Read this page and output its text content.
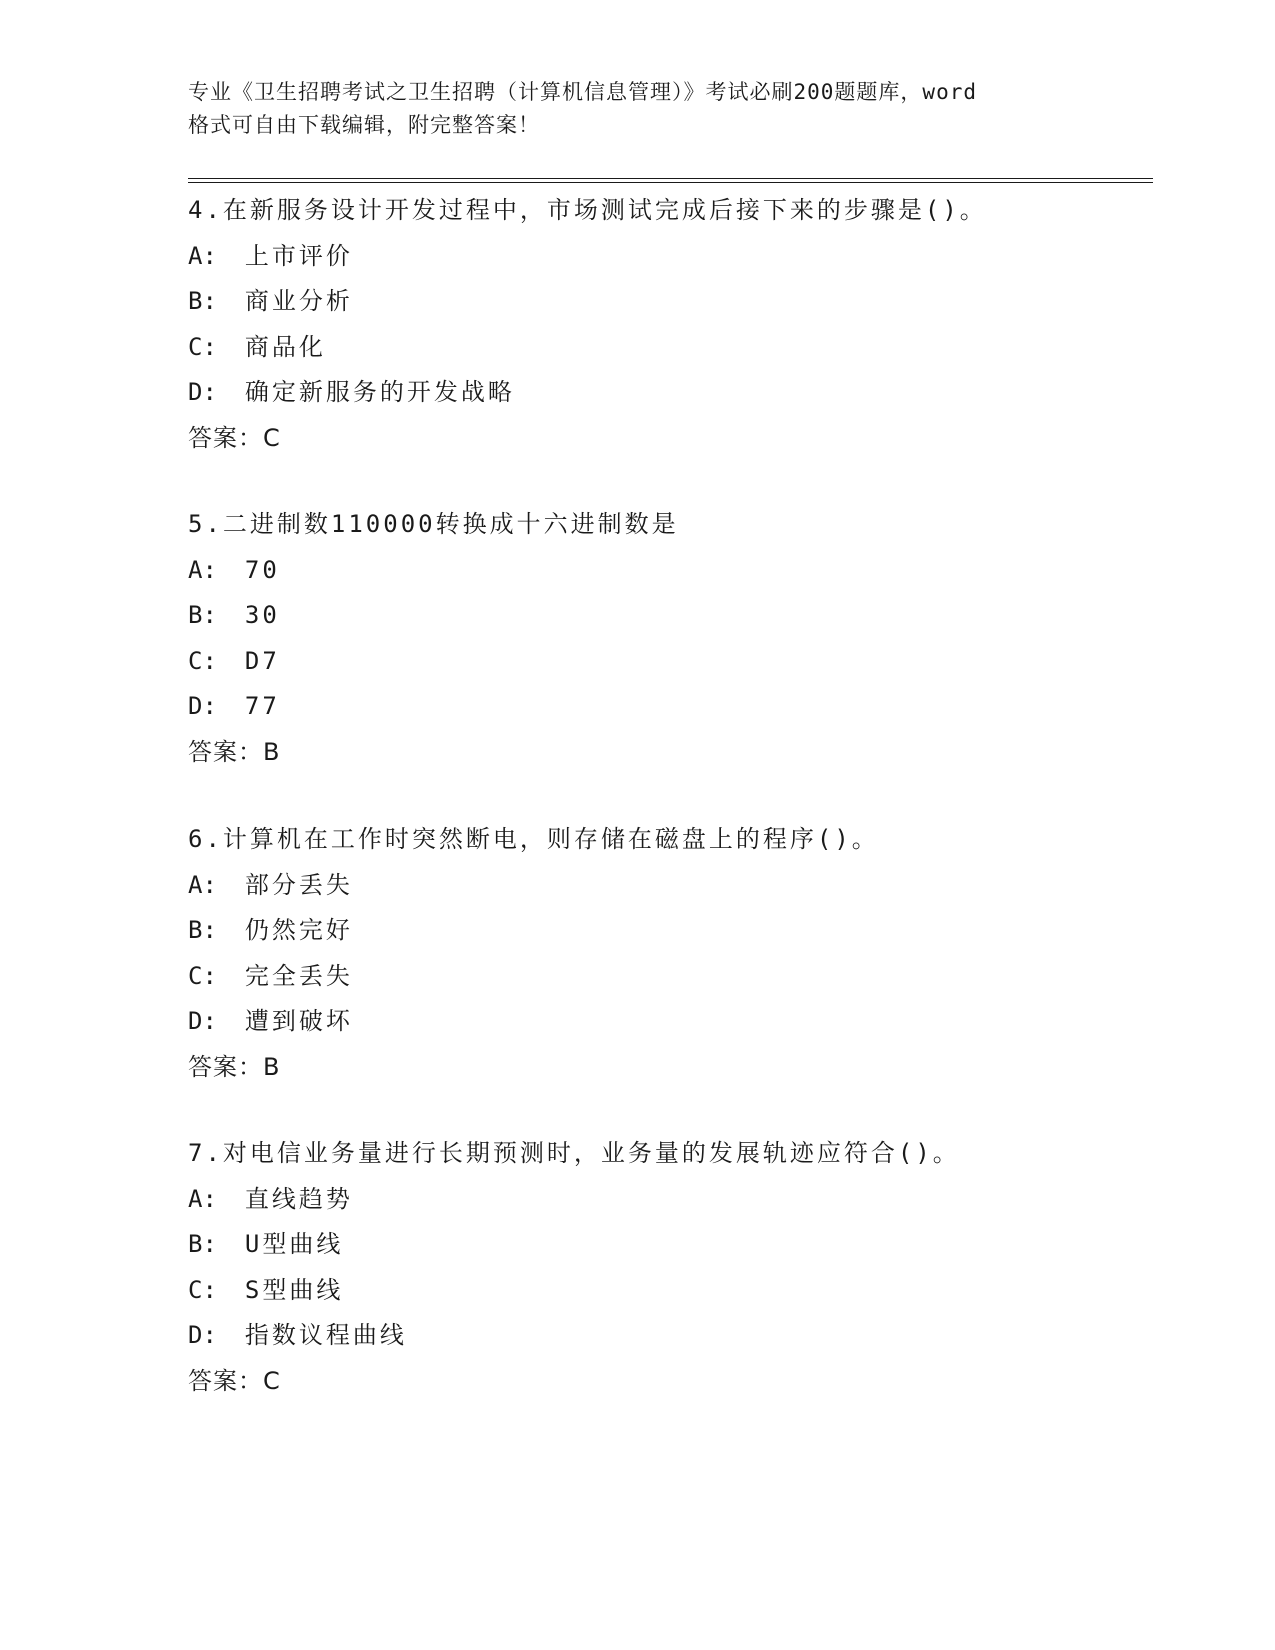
专业《卫生招聘考试之卫生招聘（计算机信息管理）》考试必刷200题题库，word
格式可自由下载编辑，附完整答案！
4.在新服务设计开发过程中，市场测试完成后接下来的步骤是()。
A: 上市评价
B: 商业分析
C: 商品化
D: 确定新服务的开发战略
答案：C
5.二进制数110000转换成十六进制数是
A: 70
B: 30
C: D7
D: 77
答案：B
6.计算机在工作时突然断电，则存储在磁盘上的程序()。
A: 部分丢失
B: 仍然完好
C: 完全丢失
D: 遭到破坏
答案：B
7.对电信业务量进行长期预测时，业务量的发展轨迹应符合()。
A: 直线趋势
B: U型曲线
C: S型曲线
D: 指数议程曲线
答案：C
